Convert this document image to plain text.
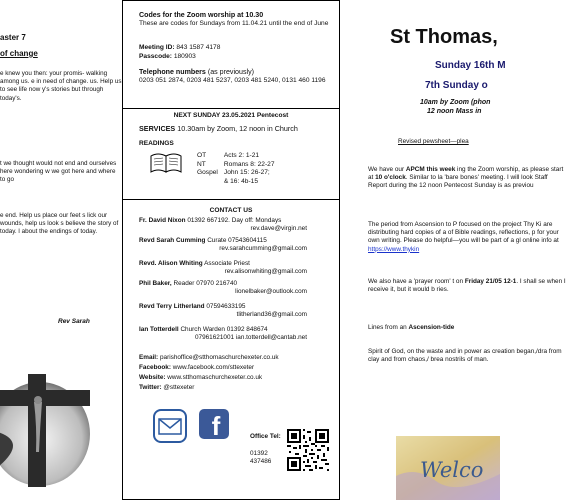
aster 7
of change
e knew you then: your promis- walking among us. e in need of change. us. Help us to see life now y's stories but through today's.
t we thought would not end and ourselves here wondering w we got here and where to go
e end. Help us place our feet s lick our wounds, help us look s believe the story of today. l about the endings of today.
Rev Sarah
Codes for the Zoom worship at 10.30
These are codes for Sundays from 11.04.21 until the end of June
Meeting ID: 843 1587 4178
Passcode: 180903
Telephone numbers (as previously)
0203 051 2874, 0203 481 5237, 0203 481 5240, 0131 460 1196
NEXT SUNDAY 23.05.2021 Pentecost
SERVICES 10.30am by Zoom, 12 noon in Church
READINGS
OT	Acts 2: 1-21
NT	Romans 8: 22-27
Gospel	John 15: 26-27;
	& 16: 4b-15
CONTACT US
Fr. David Nixon 01392 667192. Day off: Mondays
rev.dave@virgin.net
Revd Sarah Cumming Curate 07543604115
rev.sarahcumming@gmail.com
Revd. Alison Whiting Associate Priest
rev.alisonwhiting@gmail.com
Phil Baker, Reader 07970 216740
lionelbaker@outlook.com
Revd Terry Litherland 07594633195
tlitherland36@gmail.com
Ian Totterdell Church Warden 01392 848674
07961621001 ian.totterdell@cantab.net
Email: parishoffice@stthomaschurchexeter.co.uk
Facebook: www.facebook.com/sttexeter
Website: www.stthomaschurchexeter.co.uk
Twitter: @sttexeter
f	Office Tel:
01392 437486
St Thomas,
Sunday 16th M
7th Sunday o
10am by Zoom (phon
12 noon Mass in
Revised pewsheet—plea
We have our APCM this week ing the Zoom worship, as please start at 10 o'clock. Similar to la 'bare bones' meeting. I will look Staff Report during the 12 noon Pentecost Sunday is as previou
The period from Ascension to P focused on the project Thy Ki are distributing hard copies of a of Bible readings, reflections, p for your own writing. Please do helpful—you will be part of a gl online info at https://www.thykin
We also have a 'prayer room' t on Friday 21/05 12-1. I shall se when I receive it, but it would b ries.
Lines from an Ascension-tide
Spirit of God, on the waste and in power as creation began,/dra from clay and from chaos,/ brea nostrils of man.
Welco
